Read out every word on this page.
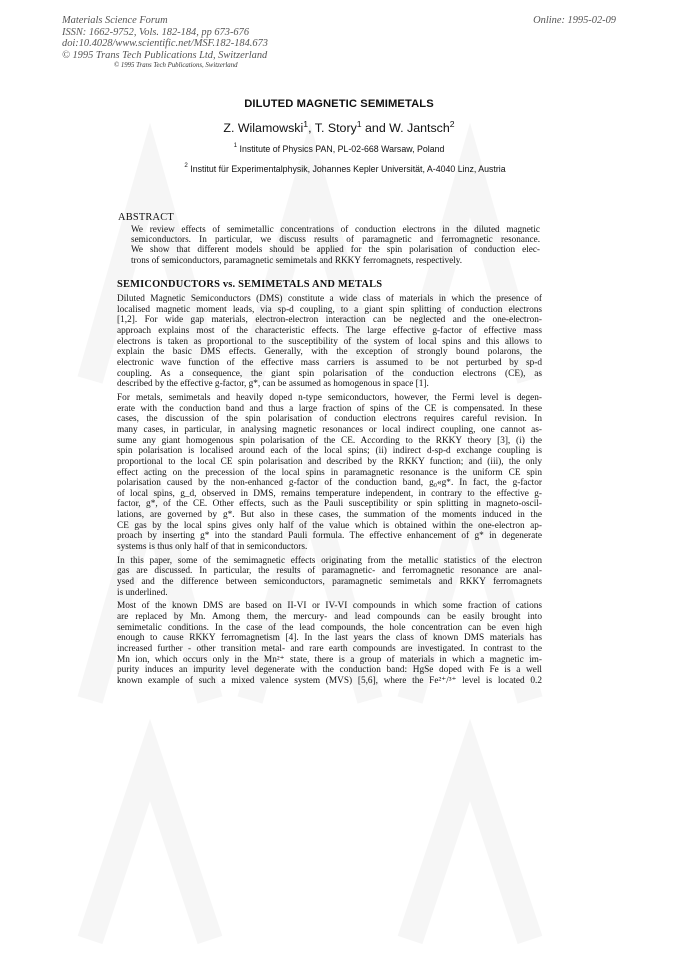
Materials Science Forum
ISSN: 1662-9752, Vols. 182-184, pp 673-676
doi:10.4028/www.scientific.net/MSF.182-184.673
© 1995 Trans Tech Publications Ltd, Switzerland
© 1995 Trans Tech Publications, Switzerland
Online: 1995-02-09
DILUTED MAGNETIC SEMIMETALS
Z. Wilamowski$^1$, T. Story$^1$ and W. Jantsch$^2$
$^1$ Institute of Physics PAN, PL-02-668 Warsaw, Poland
$^2$ Institut für Experimentalphysik, Johannes Kepler Universität, A-4040 Linz, Austria
ABSTRACT
We review effects of semimetallic concentrations of conduction electrons in the diluted magnetic
semiconductors. In particular, we discuss results of paramagnetic and ferromagnetic resonance.
We show that different models should be applied for the spin polarisation of conduction elec-
trons of semiconductors, paramagnetic semimetals and RKKY ferromagnets, respectively.
SEMICONDUCTORS vs. SEMIMETALS AND METALS
Diluted Magnetic Semiconductors (DMS) constitute a wide class of materials in which the presence of
localised magnetic moment leads, via sp-d coupling, to a giant spin splitting of conduction electrons
[1,2]. For wide gap materials, electron-electron interaction can be neglected and the one-electron-
approach explains most of the characteristic effects. The large effective g-factor of effective mass
electrons is taken as proportional to the susceptibility of the system of local spins and this allows to
explain the basic DMS effects. Generally, with the exception of strongly bound polarons, the
electronic wave function of the effective mass carriers is assumed to be not perturbed by sp-d
coupling. As a consequence, the giant spin polarisation of the conduction electrons (CE), as
described by the effective g-factor, g*, can be assumed as homogenous in space [1].
For metals, semimetals and heavily doped n-type semiconductors, however, the Fermi level is degen-
erate with the conduction band and thus a large fraction of spins of the CE is compensated. In these
cases, the discussion of the spin polarisation of conduction electrons requires careful revision. In
many cases, in particular, in analysing magnetic resonances or local indirect coupling, one cannot as-
sume any giant homogenous spin polarisation of the CE. According to the RKKY theory [3], (i) the
spin polarisation is localised around each of the local spins; (ii) indirect d-sp-d exchange coupling is
proportional to the local CE spin polarisation and described by the RKKY function; and (iii), the only
effect acting on the precession of the local spins in paramagnetic resonance is the uniform CE spin
polarisation caused by the non-enhanced g-factor of the conduction band, g₀«g*. In fact, the g-factor
of local spins, g_d, observed in DMS, remains temperature independent, in contrary to the effective g-
factor, g*, of the CE. Other effects, such as the Pauli susceptibility or spin splitting in magneto-oscil-
lations, are governed by g*. But also in these cases, the summation of the moments induced in the
CE gas by the local spins gives only half of the value which is obtained within the one-electron ap-
proach by inserting g* into the standard Pauli formula. The effective enhancement of g* in degenerate
systems is thus only half of that in semiconductors.
In this paper, some of the semimagnetic effects originating from the metallic statistics of the electron
gas are discussed. In particular, the results of paramagnetic- and ferromagnetic resonance are anal-
ysed and the difference between semiconductors, paramagnetic semimetals and RKKY ferromagnets
is underlined.
Most of the known DMS are based on II-VI or IV-VI compounds in which some fraction of cations
are replaced by Mn. Among them, the mercury- and lead compounds can be easily brought into
semimetalic conditions. In the case of the lead compounds, the hole concentration can be even high
enough to cause RKKY ferromagnetism [4]. In the last years the class of known DMS materials has
increased further - other transition metal- and rare earth compounds are investigated. In contrast to the
Mn ion, which occurs only in the Mn²⁺ state, there is a group of materials in which a magnetic im-
purity induces an impurity level degenerate with the conduction band: HgSe doped with Fe is a well
known example of such a mixed valence system (MVS) [5,6], where the Fe²⁺/³⁺ level is located 0.2
